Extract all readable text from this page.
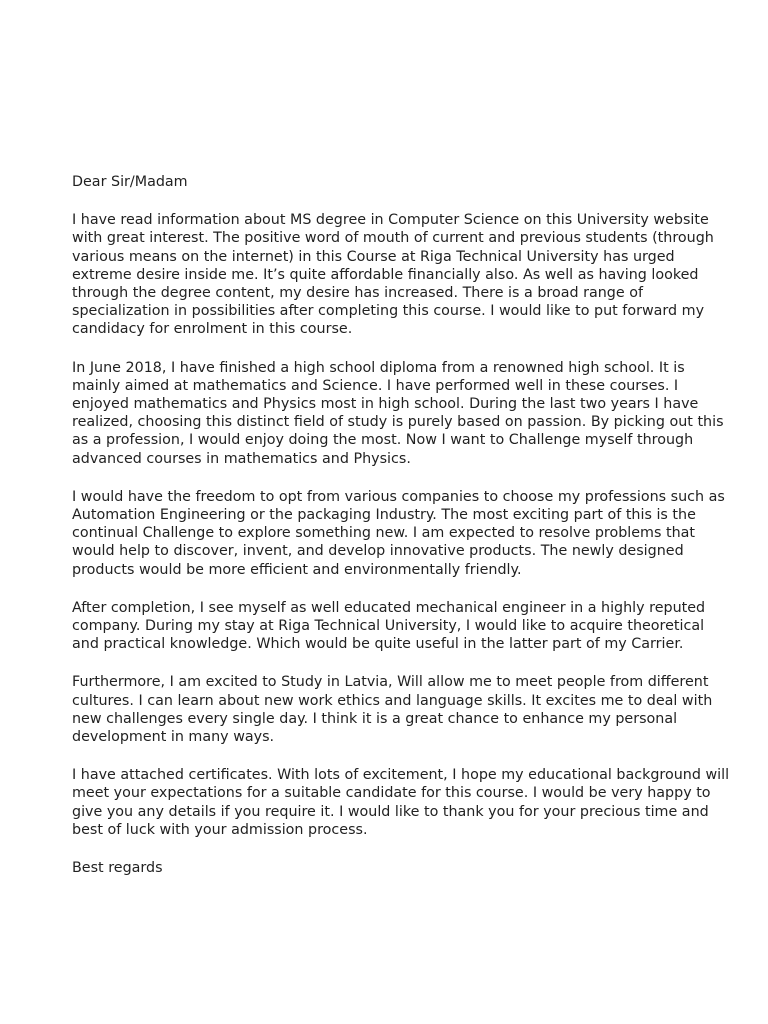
Dear Sir/Madam

I have read information about MS degree in Computer Science on this University website
with great interest. The positive word of mouth of current and previous students (through
various means on the internet) in this Course at Riga Technical University has urged
extreme desire inside me. It’s quite affordable financially also. As well as having looked
through the degree content, my desire has increased. There is a broad range of
specialization in possibilities after completing this course. I would like to put forward my
candidacy for enrolment in this course.

In June 2018, I have finished a high school diploma from a renowned high school. It is
mainly aimed at mathematics and Science. I have performed well in these courses. I
enjoyed mathematics and Physics most in high school. During the last two years I have
realized, choosing this distinct field of study is purely based on passion. By picking out this
as a profession, I would enjoy doing the most. Now I want to Challenge myself through
advanced courses in mathematics and Physics.

I would have the freedom to opt from various companies to choose my professions such as
Automation Engineering or the packaging Industry. The most exciting part of this is the
continual Challenge to explore something new. I am expected to resolve problems that
would help to discover, invent, and develop innovative products. The newly designed
products would be more efficient and environmentally friendly.

After completion, I see myself as well educated mechanical engineer in a highly reputed
company. During my stay at Riga Technical University, I would like to acquire theoretical
and practical knowledge. Which would be quite useful in the latter part of my Carrier.

Furthermore, I am excited to Study in Latvia, Will allow me to meet people from different
cultures. I can learn about new work ethics and language skills. It excites me to deal with
new challenges every single day. I think it is a great chance to enhance my personal
development in many ways.

I have attached certificates. With lots of excitement, I hope my educational background will
meet your expectations for a suitable candidate for this course. I would be very happy to
give you any details if you require it. I would like to thank you for your precious time and
best of luck with your admission process.

Best regards
